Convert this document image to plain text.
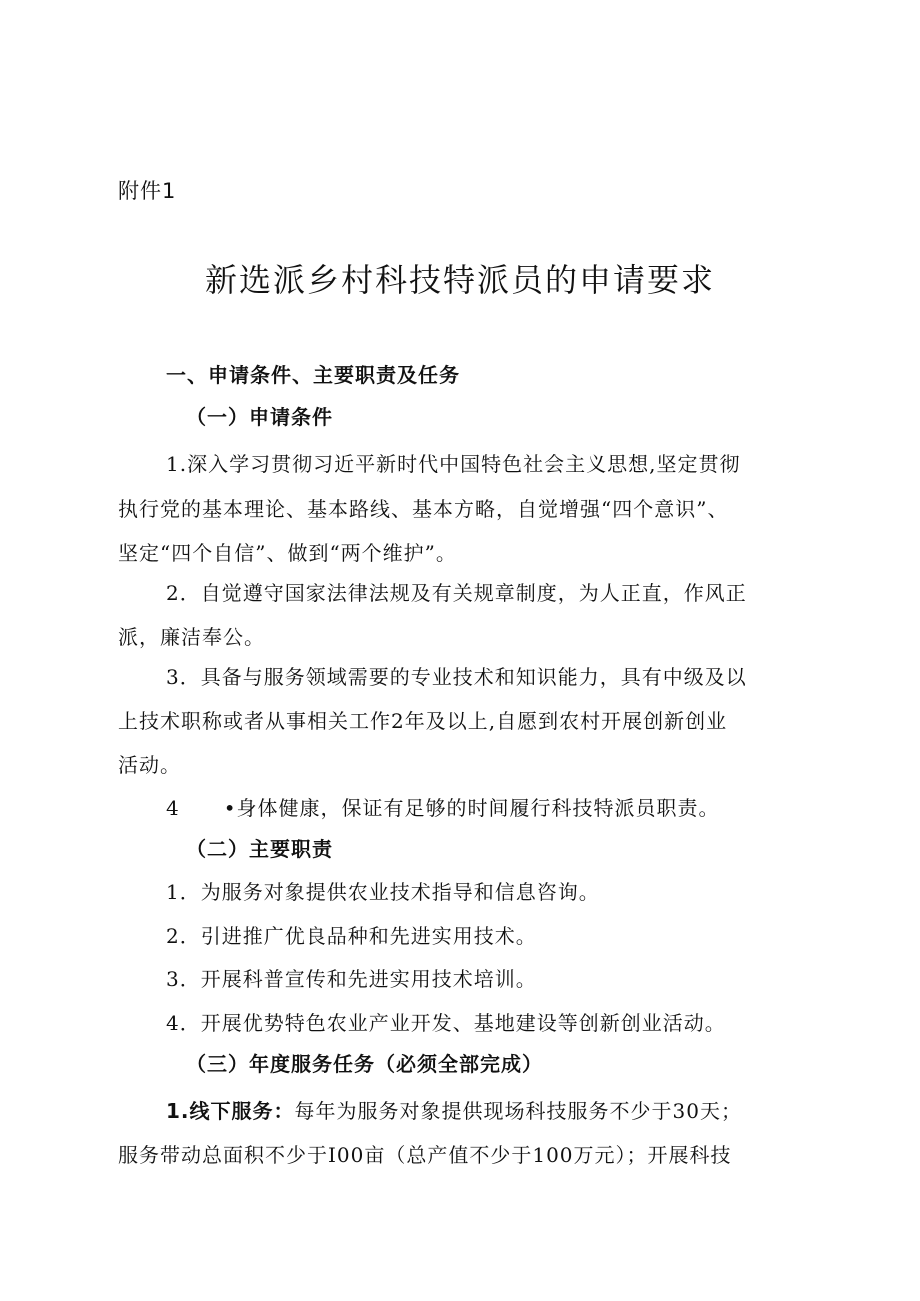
附件1
新选派乡村科技特派员的申请要求
一、申请条件、主要职责及任务
（一）申请条件
1.深入学习贯彻习近平新时代中国特色社会主义思想,坚定贯彻
执行党的基本理论、基本路线、基本方略，自觉增强“四个意识”、
坚定“四个自信”、做到“两个维护”。
2．自觉遵守国家法律法规及有关规章制度，为人正直，作风正
派，廉洁奉公。
3．具备与服务领域需要的专业技术和知识能力，具有中级及以
上技术职称或者从事相关工作2年及以上,自愿到农村开展创新创业
活动。
4 •身体健康，保证有足够的时间履行科技特派员职责。
（二）主要职责
1．为服务对象提供农业技术指导和信息咨询。
2．引进推广优良品种和先进实用技术。
3．开展科普宣传和先进实用技术培训。
4．开展优势特色农业产业开发、基地建设等创新创业活动。
（三）年度服务任务（必须全部完成）
1.线下服务：每年为服务对象提供现场科技服务不少于30天；
服务带动总面积不少于I00亩（总产值不少于100万元）；开展科技
